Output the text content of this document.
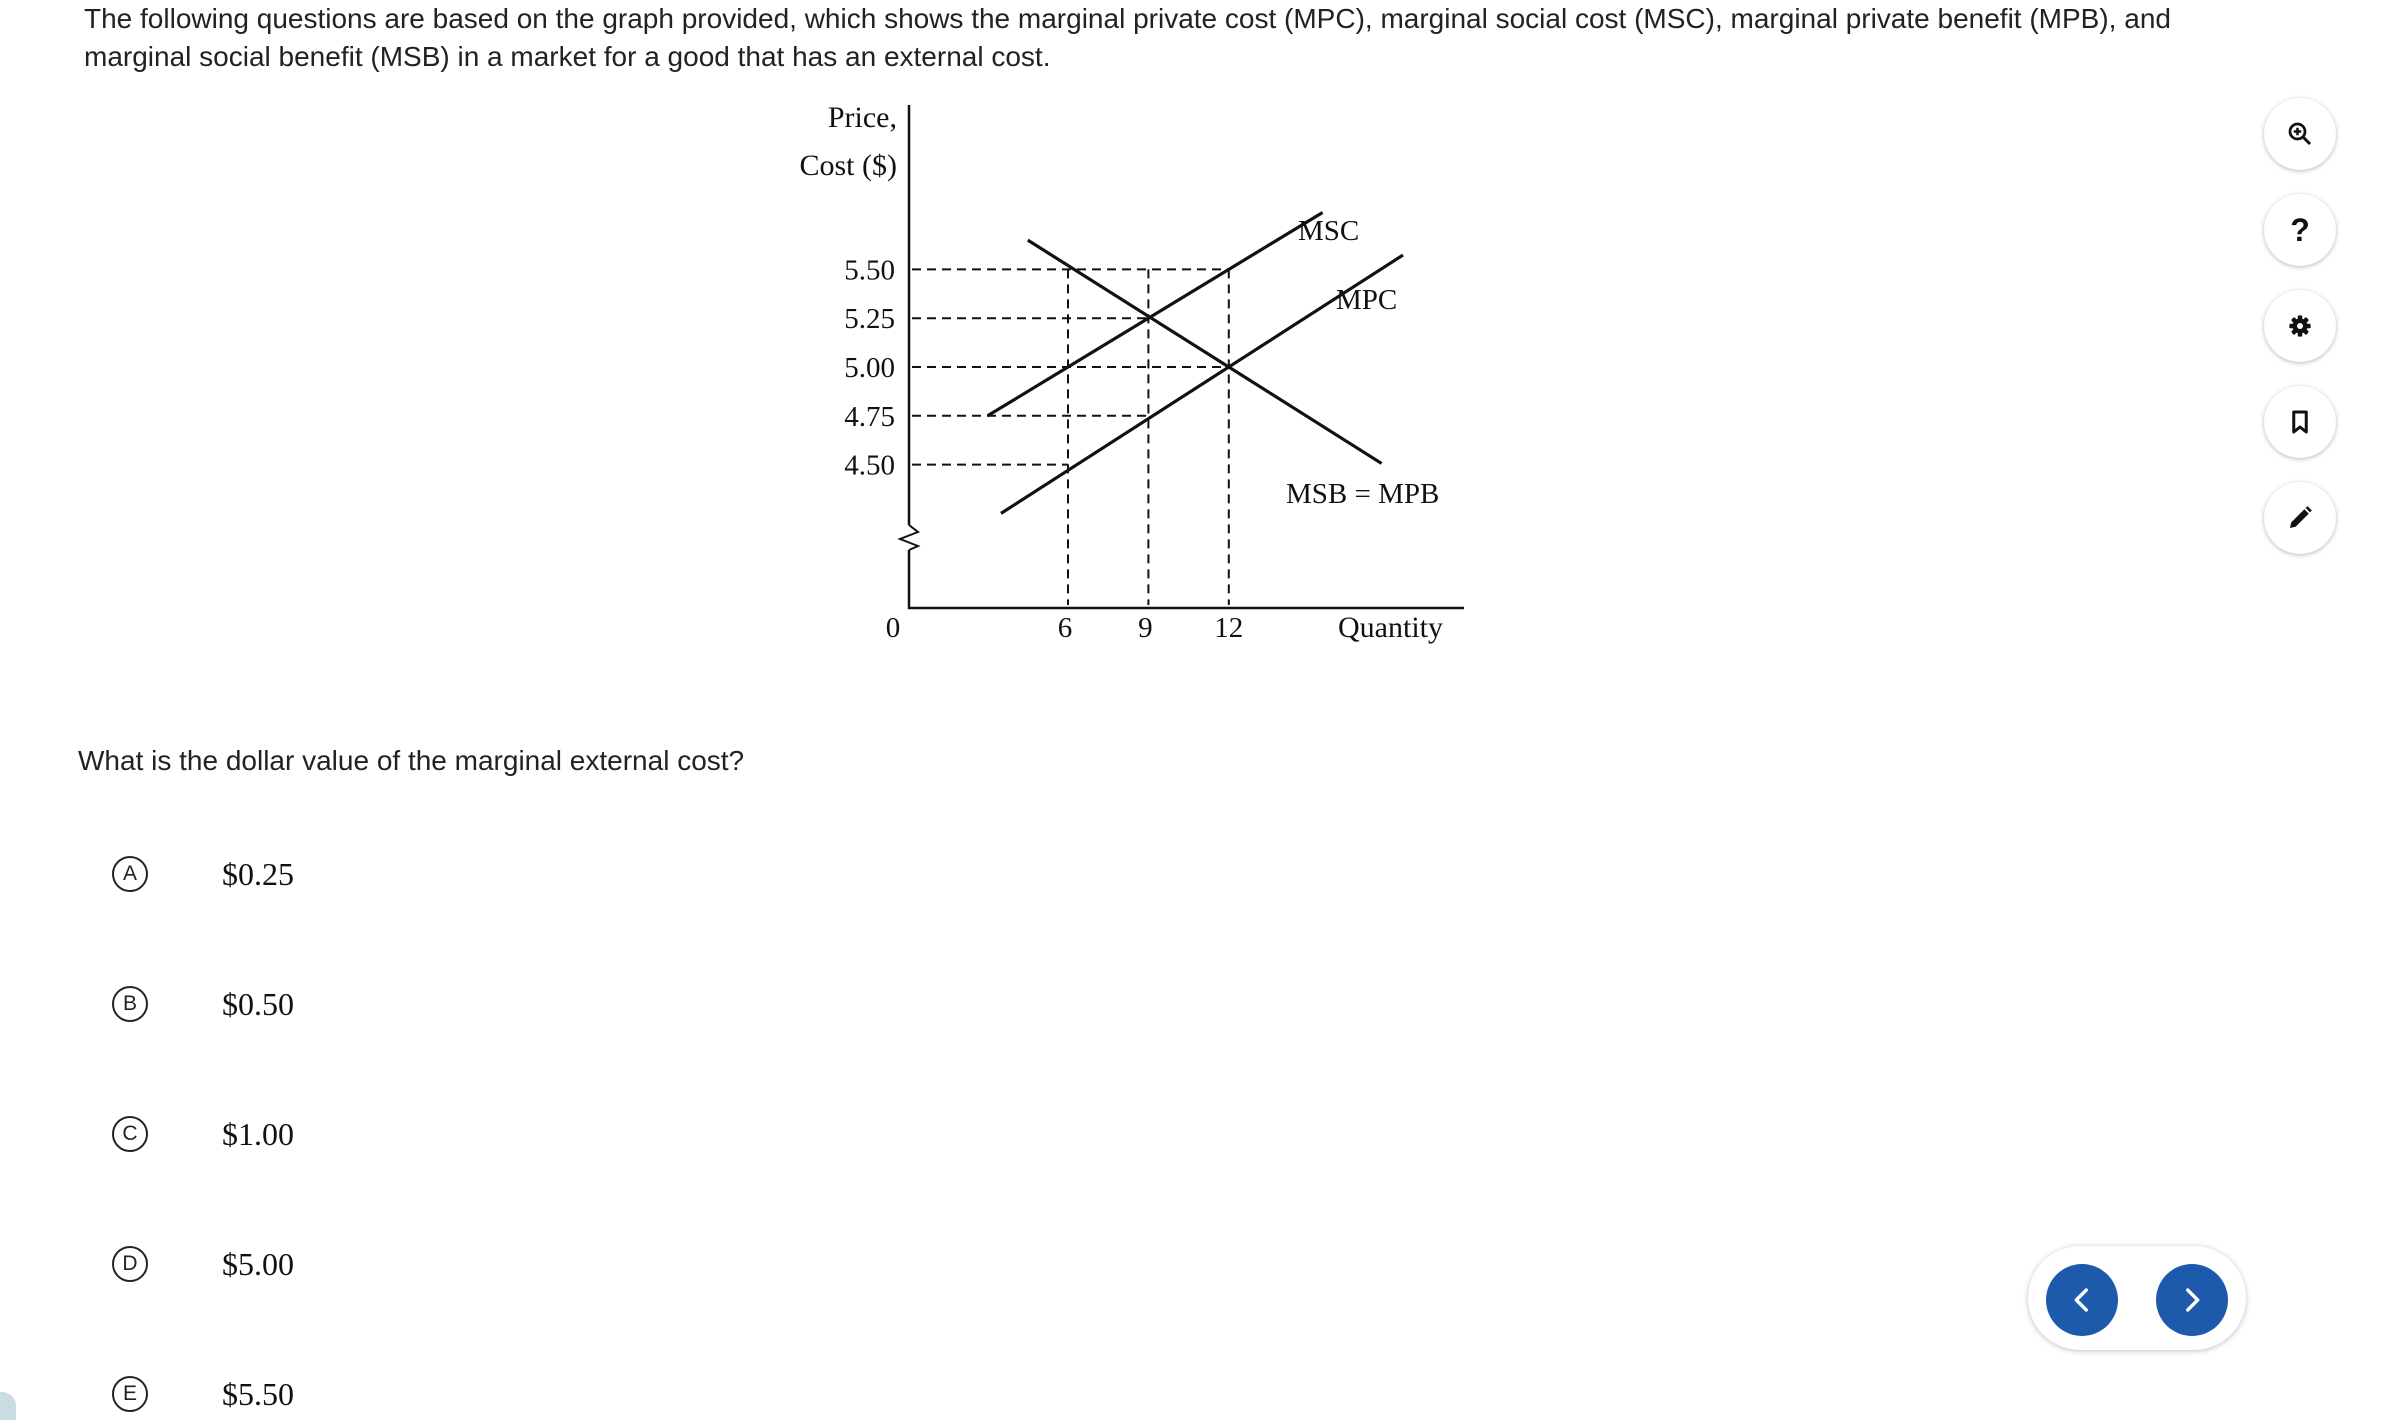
The following questions are based on the graph provided, which shows the marginal private cost (MPC), marginal social cost (MSC), marginal private benefit (MPB), and

marginal social benefit (MSB) in a market for a good that has an external cost.

MSC
MPC
MSB = MPB
5.50
5.25
5.00
4.75
4.50
6 9 12
0	Quantity
Price,
Cost ($)
What is the dollar value of the marginal external cost?
A	$0.25
B	$0.50
C	$1.00
D	$5.00
E	$5.50
?
